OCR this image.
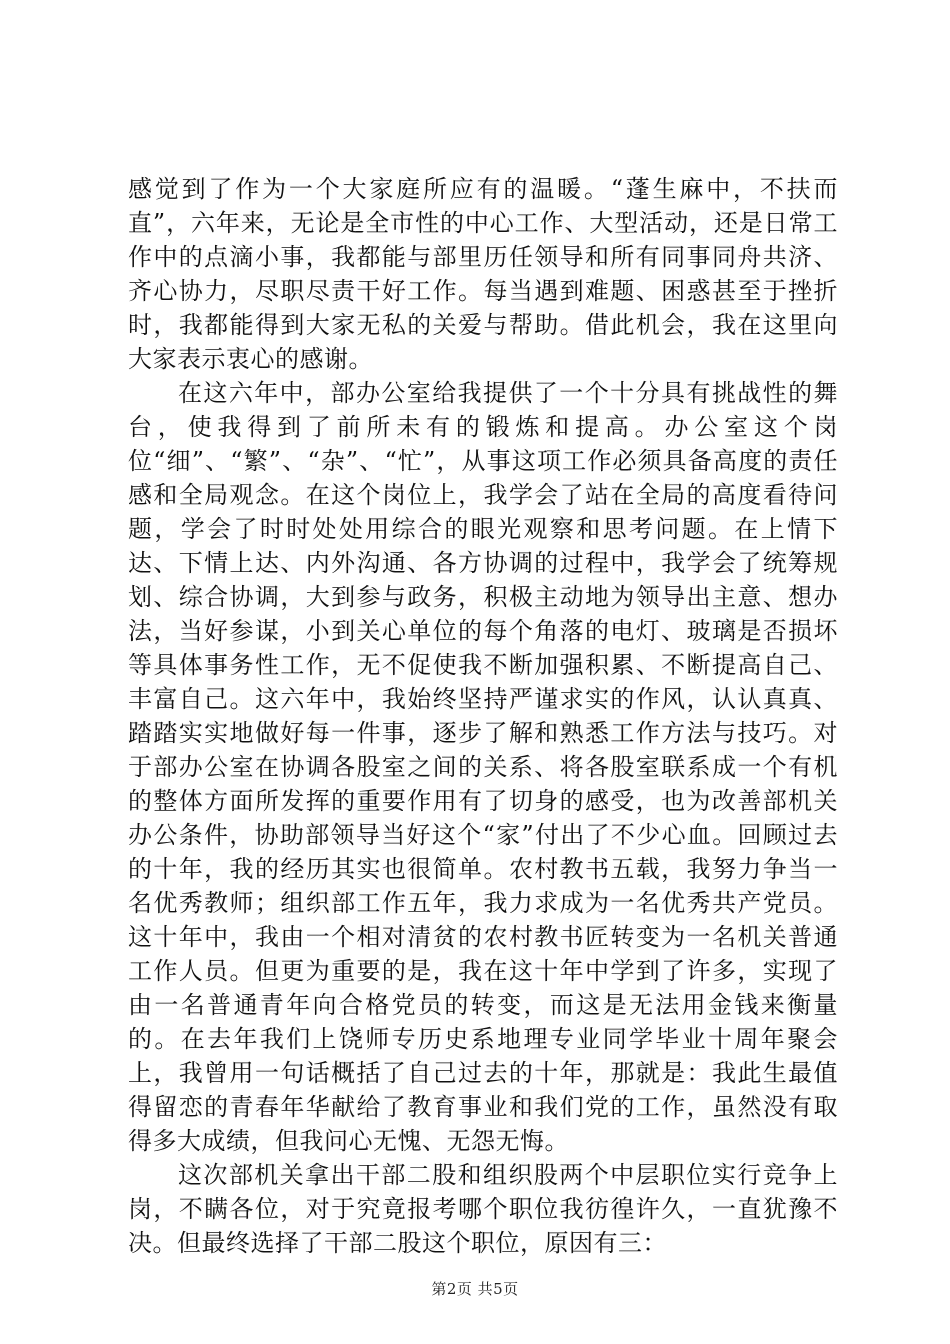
感觉到了作为一个大家庭所应有的温暖。“蓬生麻中，不扶而直”，六年来，无论是全市性的中心工作、大型活动，还是日常工作中的点滴小事，我都能与部里历任领导和所有同事同舟共济、齐心协力，尽职尽责干好工作。每当遇到难题、困惑甚至于挫折时，我都能得到大家无私的关爱与帮助。借此机会，我在这里向大家表示衷心的感谢。

在这六年中，部办公室给我提供了一个十分具有挑战性的舞台，使我得到了前所未有的锻炼和提高。办公室这个岗位“细”、“繁”、“杂”、“忙”，从事这项工作必须具备高度的责任感和全局观念。在这个岗位上，我学会了站在全局的高度看待问题，学会了时时处处用综合的眼光观察和思考问题。在上情下达、下情上达、内外沟通、各方协调的过程中，我学会了统筹规划、综合协调，大到参与政务，积极主动地为领导出主意、想办法，当好参谋，小到关心单位的每个角落的电灯、玻璃是否损坏等具体事务性工作，无不促使我不断加强积累、不断提高自己、丰富自己。这六年中，我始终坚持严谨求实的作风，认认真真、踏踏实实地做好每一件事，逐步了解和熟悉工作方法与技巧。对于部办公室在协调各股室之间的关系、将各股室联系成一个有机的整体方面所发挥的重要作用有了切身的感受，也为改善部机关办公条件，协助部领导当好这个“家”付出了不少心血。回顾过去的十年，我的经历其实也很简单。农村教书五载，我努力争当一名优秀教师；组织部工作五年，我力求成为一名优秀共产党员。这十年中，我由一个相对清贫的农村教书匠转变为一名机关普通工作人员。但更为重要的是，我在这十年中学到了许多，实现了由一名普通青年向合格党员的转变，而这是无法用金钱来衡量的。在去年我们上饶师专历史系地理专业同学毕业十周年聚会上，我曾用一句话概括了自己过去的十年，那就是：我此生最值得留恋的青春年华献给了教育事业和我们党的工作，虽然没有取得多大成绩，但我问心无愧、无怨无悔。

这次部机关拿出干部二股和组织股两个中层职位实行竞争上岗，不瞒各位，对于究竟报考哪个职位我彷徨许久，一直犹豫不决。但最终选择了干部二股这个职位，原因有三：

第2页 共5页
